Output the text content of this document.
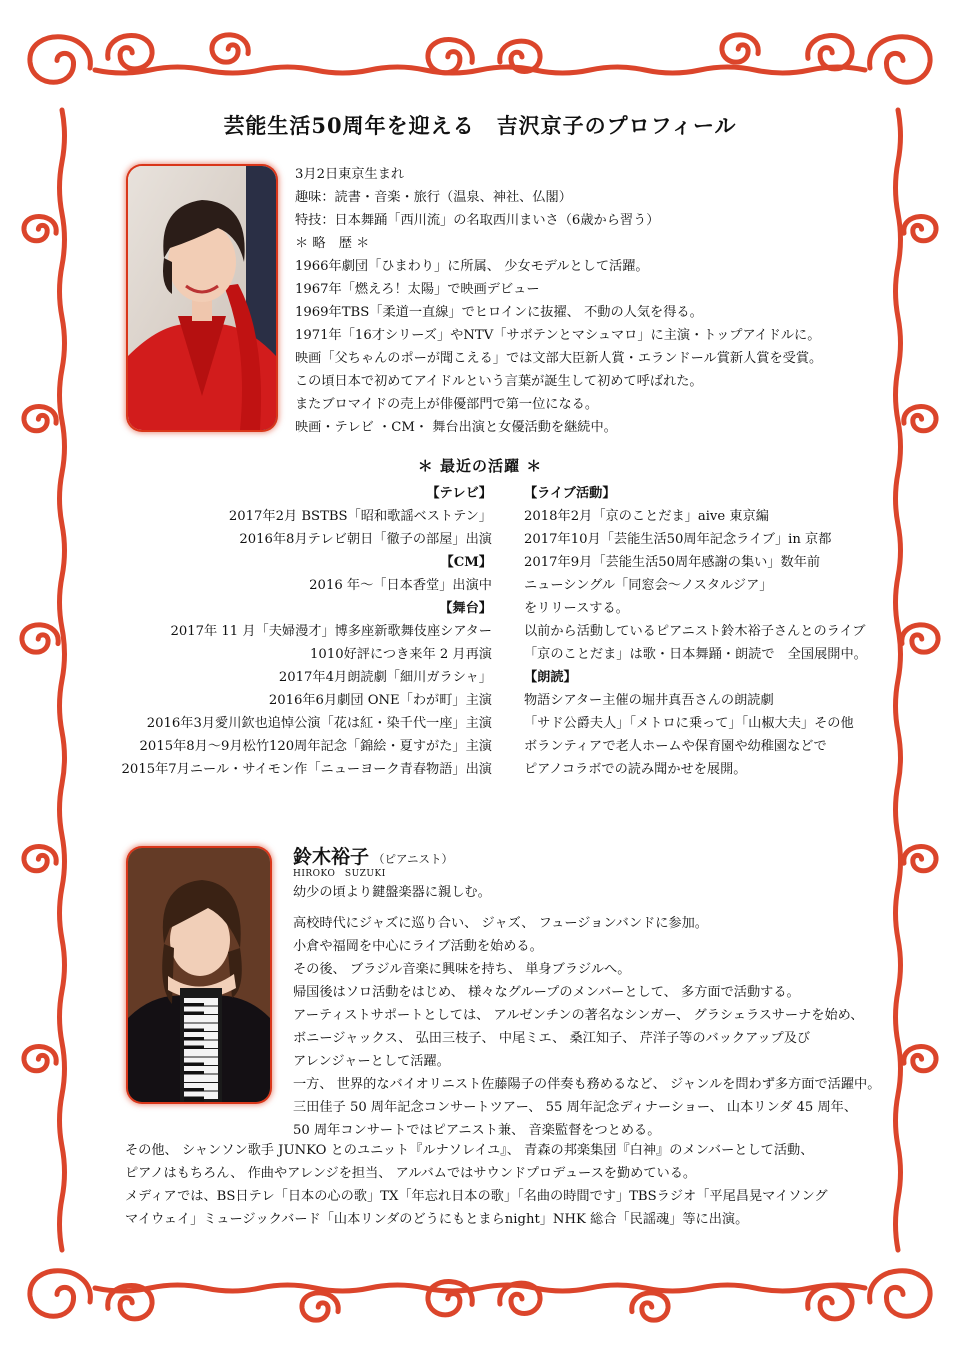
芸能生活50周年を迎える　吉沢京子のプロフィール
3月2日東京生まれ
趣味：読書・音楽・旅行（温泉、神社、仏閣）
特技：日本舞踊「西川流」の名取西川まいさ（6歳から習う）
＊ 略　歴 ＊
1966年劇団「ひまわり」に所属、 少女モデルとして活躍。
1967年「燃えろ！太陽」で映画デビュー
1969年TBS「柔道一直線」でヒロインに抜擢、 不動の人気を得る。
1971年「16才シリーズ」やNTV「サボテンとマシュマロ」に主演・トップアイドルに。
映画「父ちゃんのポーが聞こえる」では文部大臣新人賞・エランドール賞新人賞を受賞。
この頃日本で初めてアイドルという言葉が誕生して初めて呼ばれた。
またブロマイドの売上が俳優部門で第一位になる。
映画・テレビ ・CM・ 舞台出演と女優活動を継続中。
＊ 最近の活躍 ＊
【テレビ】
2017年2月 BSTBS「昭和歌謡ベストテン」
2016年8月テレビ朝日「徹子の部屋」出演
【CM】
2016 年～「日本香堂」出演中
【舞台】
2017年 11 月「夫婦漫才」博多座新歌舞伎座シアター
1010好評につき来年 2 月再演
2017年4月朗読劇「細川ガラシャ」
2016年6月劇団 ONE「わが町」主演
2016年3月愛川欽也追悼公演「花は紅・染千代一座」主演
2015年8月～9月松竹120周年記念「錦絵・夏すがた」主演
2015年7月ニール・サイモン作「ニューヨーク青春物語」出演
【ライブ活動】
2018年2月「京のことだま」aive 東京編
2017年10月「芸能生活50周年記念ライブ」in 京都
2017年9月「芸能生活50周年感謝の集い」数年前
ニューシングル「同窓会～ノスタルジア」
をリリースする。
以前から活動しているピアニスト鈴木裕子さんとのライブ
「京のことだま」は歌・日本舞踊・朗読で　全国展開中。
【朗読】
物語シアター主催の堀井真吾さんの朗読劇
「サド公爵夫人」「メトロに乗って」「山椒大夫」その他
ボランティアで老人ホームや保育園や幼稚園などで
ピアノコラボでの読み聞かせを展開。
鈴木裕子 （ピアニスト）
HIROKO　SUZUKI
幼少の頃より鍵盤楽器に親しむ。
高校時代にジャズに巡り合い、 ジャズ、 フュージョンバンドに参加。
小倉や福岡を中心にライブ活動を始める。
その後、 ブラジル音楽に興味を持ち、 単身ブラジルへ。
帰国後はソロ活動をはじめ、 様々なグループのメンバーとして、 多方面で活動する。
アーティストサポートとしては、 アルゼンチンの著名なシンガー、 グラシェラスサーナを始め、
ボニージャックス、 弘田三枝子、 中尾ミエ、 桑江知子、 芹洋子等のバックアップ及び
アレンジャーとして活躍。
一方、 世界的なバイオリニスト佐藤陽子の伴奏も務めるなど、 ジャンルを問わず多方面で活躍中。
三田佳子 50 周年記念コンサートツアー、 55 周年記念ディナーショー、 山本リンダ 45 周年、
50 周年コンサートではピアニスト兼、 音楽監督をつとめる。
その他、 シャンソン歌手 JUNKO とのユニット『ルナソレイユ』、 青森の邦楽集団『白神』のメンバーとして活動、
ピアノはもちろん、 作曲やアレンジを担当、 アルバムではサウンドプロデュースを勤めている。
メディアでは、BS日テレ「日本の心の歌」TX「年忘れ日本の歌」「名曲の時間です」TBSラジオ「平尾昌晃マイソング
マイウェイ」ミュージックバード「山本リンダのどうにもとまらnight」NHK 総合「民謡魂」等に出演。
